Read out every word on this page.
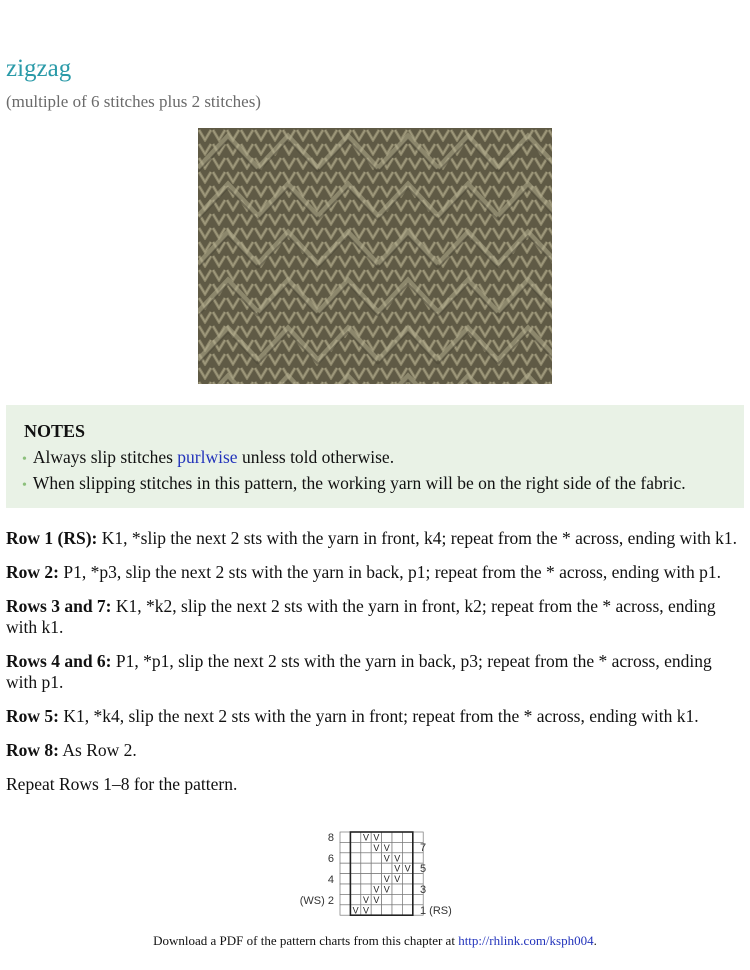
zigzag
(multiple of 6 stitches plus 2 stitches)
NOTES
• Always slip stitches purlwise unless told otherwise.
• When slipping stitches in this pattern, the working yarn will be on the right side of the fabric.

Row 1 (RS): K1, *slip the next 2 sts with the yarn in front, k4; repeat from the * across, ending with k1.

Row 2: P1, *p3, slip the next 2 sts with the yarn in back, p1; repeat from the * across, ending with p1.

Rows 3 and 7: K1, *k2, slip the next 2 sts with the yarn in front, k2; repeat from the * across, ending with k1.

Rows 4 and 6: P1, *p1, slip the next 2 sts with the yarn in back, p3; repeat from the * across, ending with p1.

Row 5: K1, *k4, slip the next 2 sts with the yarn in front; repeat from the * across, ending with k1.

Row 8: As Row 2.

Repeat Rows 1–8 for the pattern.

V
V
V
V
V
V
V
V
V
V
V
V
V
V
V
V
8
6
4
(WS) 2
7
5
3
1 (RS)
Download a PDF of the pattern charts from this chapter at http://rhlink.com/ksph004.
